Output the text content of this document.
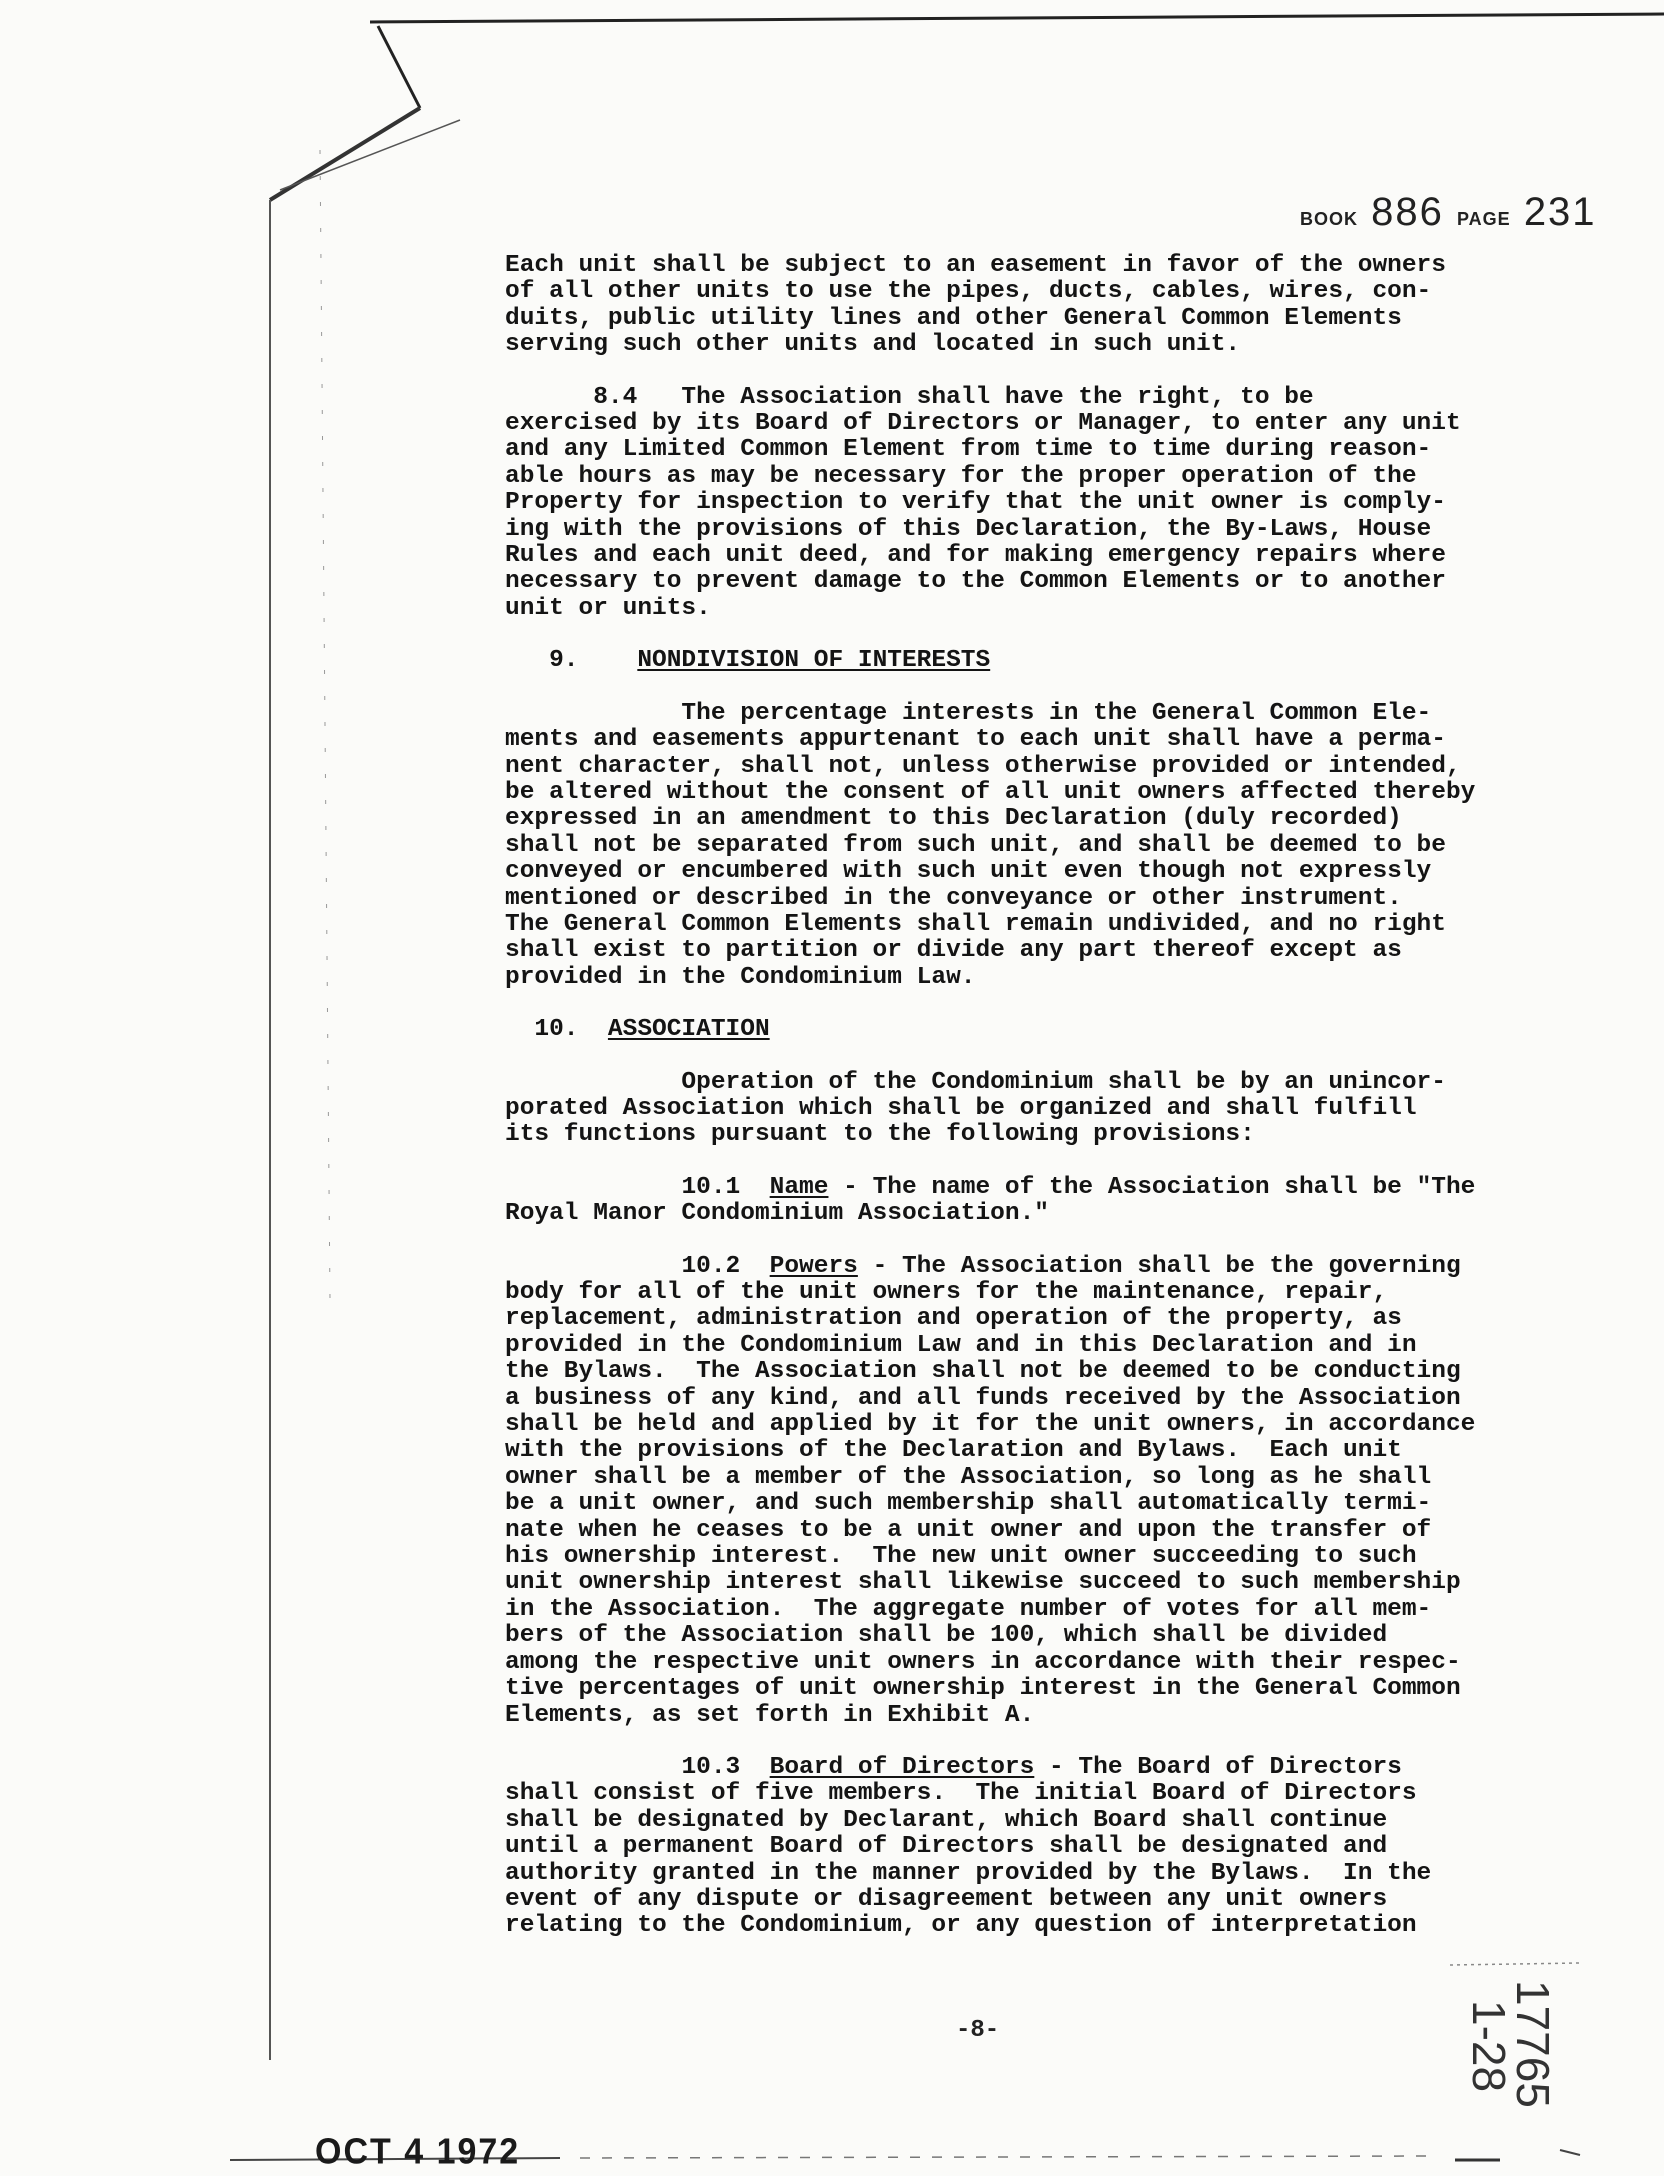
BOOK 886 PAGE 231
Each unit shall be subject to an easement in favor of the owners
of all other units to use the pipes, ducts, cables, wires, con-
duits, public utility lines and other General Common Elements
serving such other units and located in such unit.
8.4   The Association shall have the right, to be
exercised by its Board of Directors or Manager, to enter any unit
and any Limited Common Element from time to time during reason-
able hours as may be necessary for the proper operation of the
Property for inspection to verify that the unit owner is comply-
ing with the provisions of this Declaration, the By-Laws, House
Rules and each unit deed, and for making emergency repairs where
necessary to prevent damage to the Common Elements or to another
unit or units.
9. NONDIVISION OF INTERESTS
The percentage interests in the General Common Ele-
ments and easements appurtenant to each unit shall have a perma-
nent character, shall not, unless otherwise provided or intended,
be altered without the consent of all unit owners affected thereby
expressed in an amendment to this Declaration (duly recorded)
shall not be separated from such unit, and shall be deemed to be
conveyed or encumbered with such unit even though not expressly
mentioned or described in the conveyance or other instrument.
The General Common Elements shall remain undivided, and no right
shall exist to partition or divide any part thereof except as
provided in the Condominium Law.
10. ASSOCIATION
Operation of the Condominium shall be by an unincor-
porated Association which shall be organized and shall fulfill
its functions pursuant to the following provisions:
10.1 Name - The name of the Association shall be "The
Royal Manor Condominium Association."
10.2 Powers - The Association shall be the governing
body for all of the unit owners for the maintenance, repair,
replacement, administration and operation of the property, as
provided in the Condominium Law and in this Declaration and in
the Bylaws.  The Association shall not be deemed to be conducting
a business of any kind, and all funds received by the Association
shall be held and applied by it for the unit owners, in accordance
with the provisions of the Declaration and Bylaws.  Each unit
owner shall be a member of the Association, so long as he shall
be a unit owner, and such membership shall automatically termi-
nate when he ceases to be a unit owner and upon the transfer of
his ownership interest.  The new unit owner succeeding to such
unit ownership interest shall likewise succeed to such membership
in the Association.  The aggregate number of votes for all mem-
bers of the Association shall be 100, which shall be divided
among the respective unit owners in accordance with their respec-
tive percentages of unit ownership interest in the General Common
Elements, as set forth in Exhibit A.
10.3 Board of Directors - The Board of Directors
shall consist of five members.  The initial Board of Directors
shall be designated by Declarant, which Board shall continue
until a permanent Board of Directors shall be designated and
authority granted in the manner provided by the Bylaws.  In the
event of any dispute or disagreement between any unit owners
relating to the Condominium, or any question of interpretation
-8-
OCT 4 1972
17765
1-28
